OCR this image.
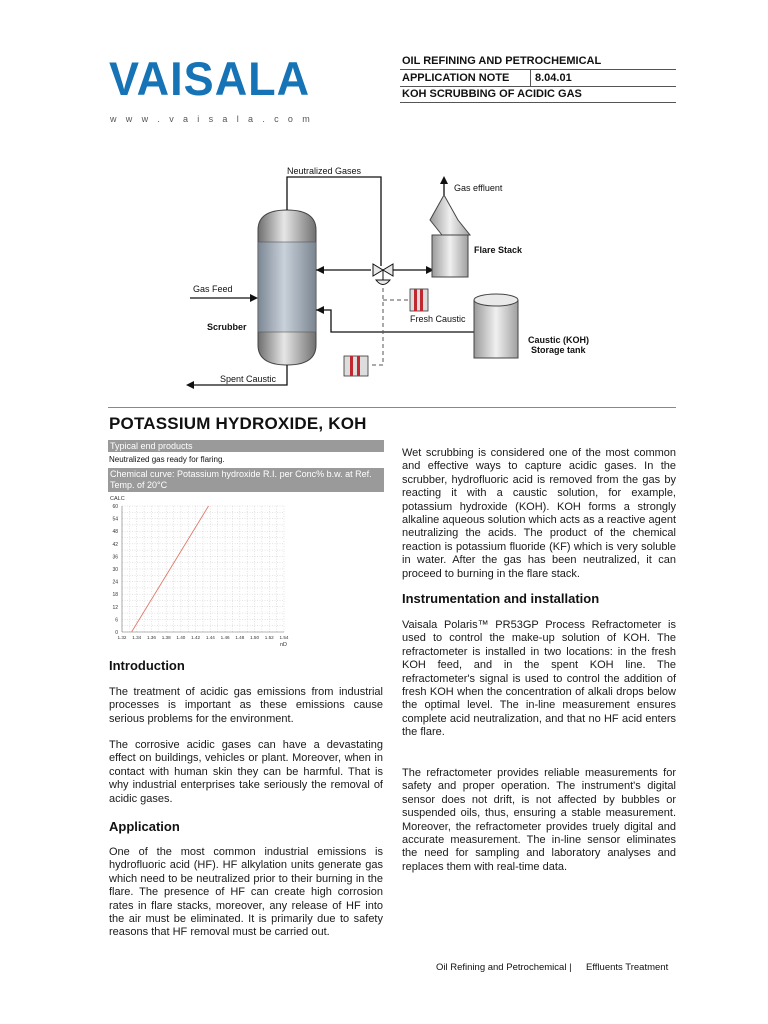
VAISALA
w w w . v a i s a l a . c o m
OIL REFINING AND PETROCHEMICAL
APPLICATION NOTE 8.04.01
KOH SCRUBBING OF ACIDIC GAS
Neutralized Gases
Gas effluent
Flare Stack
Gas Feed
Scrubber
Fresh Caustic
Caustic (KOH)
Storage tank
Spent Caustic
POTASSIUM HYDROXIDE, KOH
Typical end products
Neutralized gas ready for flaring.
Chemical curve: Potassium hydroxide R.I. per Conc% b.w. at Ref. Temp. of 20°C
CALC
nD
0
6
12
18
24
30
36
42
48
54
60
1.32 1.34 1.36 1.38 1.40 1.42 1.44 1.46 1.48 1.50 1.52 1.54
Introduction
The treatment of acidic gas emissions from industrial processes is important as these emissions cause serious problems for the environment.
The corrosive acidic gases can have a devastating effect on buildings, vehicles or plant. Moreover, when in contact with human skin they can be harmful. That is why industrial enterprises take seriously the removal of acidic gases.
Application
One of the most common industrial emissions is hydrofluoric acid (HF). HF alkylation units generate gas which need to be neutralized prior to their burning in the flare. The presence of HF can create high corrosion rates in flare stacks, moreover, any release of HF into the air must be eliminated. It is primarily due to safety reasons that HF removal must be carried out.
Wet scrubbing is considered one of the most common and effective ways to capture acidic gases. In the scrubber, hydrofluoric acid is removed from the gas by reacting it with a caustic solution, for example, potassium hydroxide (KOH). KOH forms a strongly alkaline aqueous solution which acts as a reactive agent neutralizing the acids. The product of the chemical reaction is potassium fluoride (KF) which is very soluble in water. After the gas has been neutralized, it can proceed to burning in the flare stack.
Instrumentation and installation
Vaisala Polaris™ PR53GP Process Refractometer is used to control the make-up solution of KOH. The refractometer is installed in two locations: in the fresh KOH feed, and in the spent KOH line. The refractometer's signal is used to control the addition of fresh KOH when the concentration of alkali drops below the optimal level. The in-line measurement ensures complete acid neutralization, and that no HF acid enters the flare.
The refractometer provides reliable measurements for safety and proper operation. The instrument's digital sensor does not drift, is not affected by bubbles or suspended oils, thus, ensuring a stable measurement. Moreover, the refractometer provides truely digital and accurate measurement. The in-line sensor eliminates the need for sampling and laboratory analyses and replaces them with real-time data.
Oil Refining and Petrochemical | Effluents Treatment
